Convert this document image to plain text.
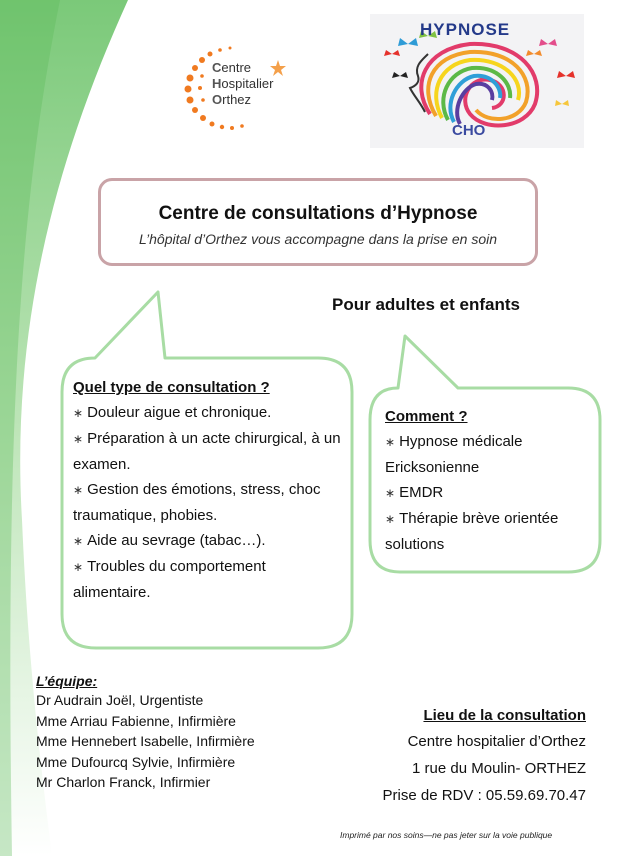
Centre
Hospitalier
Orthez
HYPNOSE
CHO
Centre de consultations d’Hypnose
L’hôpital d’Orthez vous accompagne dans la prise en soin
Pour adultes et enfants
Quel type de consultation ?
∗ Douleur aigue et chronique.
∗ Préparation à un acte chirurgical, à un examen.
∗ Gestion des émotions, stress, choc traumatique, phobies.
∗ Aide au sevrage (tabac…).
∗ Troubles du comportement alimentaire.
Comment ?
∗ Hypnose médicale Ericksonienne
∗ EMDR
∗ Thérapie brève orientée solutions
L’équipe:
Dr Audrain Joël, Urgentiste
Mme Arriau Fabienne, Infirmière
Mme Hennebert Isabelle, Infirmière
Mme Dufourcq Sylvie, Infirmière
Mr Charlon Franck, Infirmier
Lieu de la consultation
Centre hospitalier d’Orthez
1 rue du Moulin- ORTHEZ
Prise de RDV : 05.59.69.70.47
Imprimé par nos soins—ne pas jeter sur la voie publique
